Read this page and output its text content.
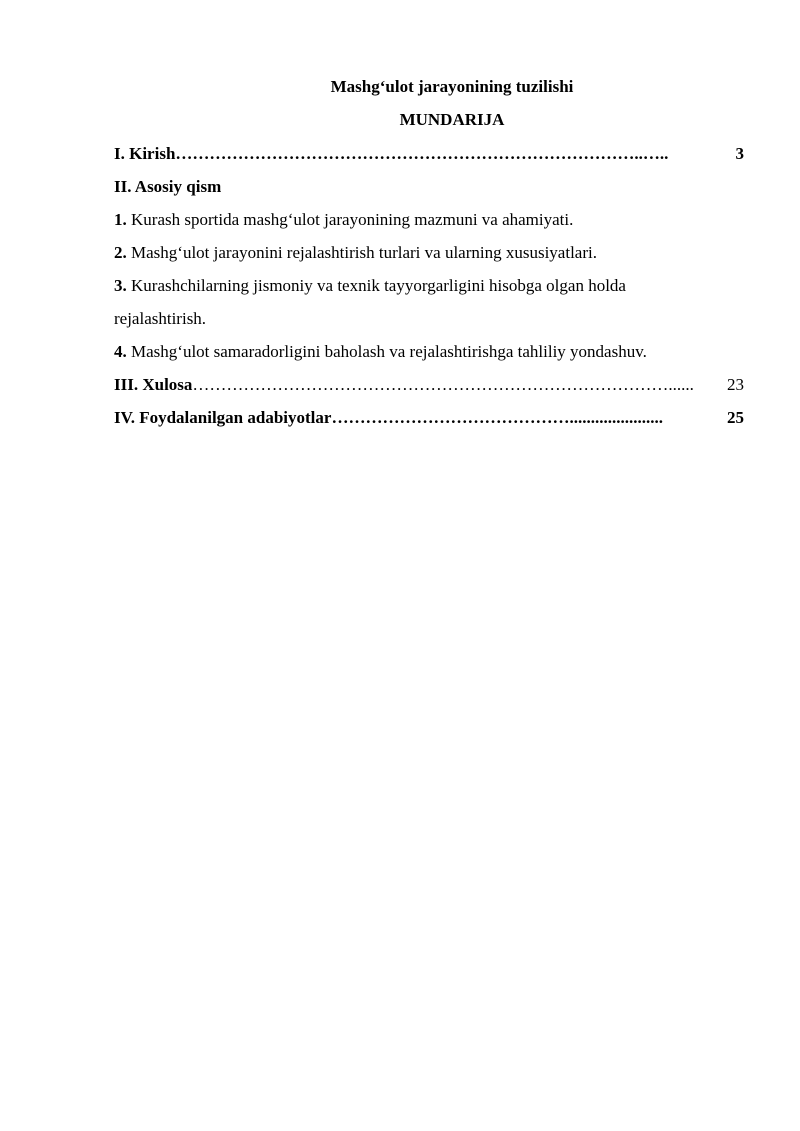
Mashg‘ulot jarayonining tuzilishi
MUNDARIJA
I. Kirish ………………………………………………………………………..…..	3
II. Asosiy qism
1. Kurash sportida mashg‘ulot jarayonining mazmuni va ahamiyati.
2. Mashg‘ulot jarayonini rejalashtirish turlari va ularning xususiyatlari.
3. Kurashchilarning jismoniy va texnik tayyorgarligini hisobga olgan holda
rejalashtirish.
4. Mashg‘ulot samaradorligini baholash va rejalashtirishga tahliliy yondashuv.
III. Xulosa …………………………………………………………………………......	23
IV. Foydalanilgan adabiyotlar ……………………………………......................	25
